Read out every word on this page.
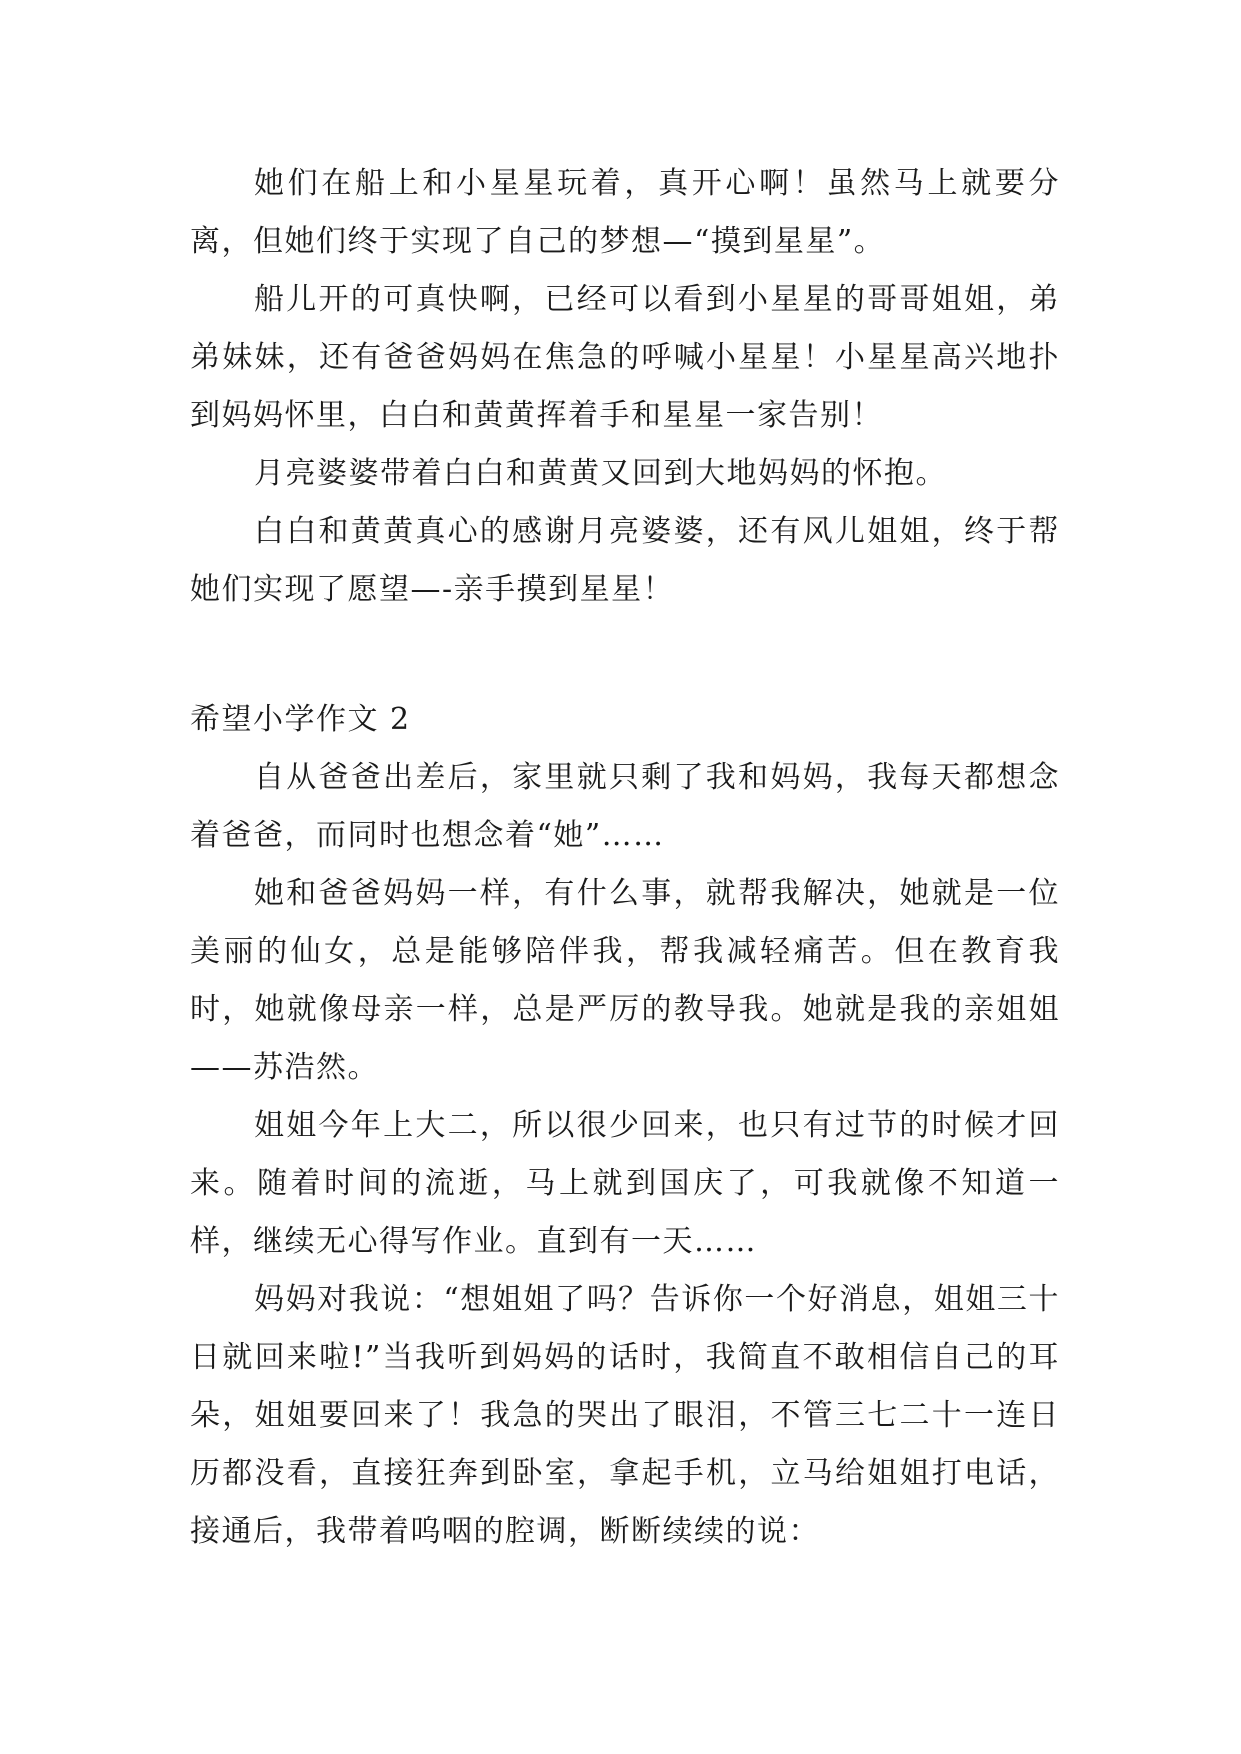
她们在船上和小星星玩着，真开心啊！虽然马上就要分离，但她们终于实现了自己的梦想—“摸到星星”。

船儿开的可真快啊，已经可以看到小星星的哥哥姐姐，弟弟妹妹，还有爸爸妈妈在焦急的呼喊小星星！小星星高兴地扑到妈妈怀里，白白和黄黄挥着手和星星一家告别！

月亮婆婆带着白白和黄黄又回到大地妈妈的怀抱。

白白和黄黄真心的感谢月亮婆婆，还有风儿姐姐，终于帮她们实现了愿望—-亲手摸到星星！

希望小学作文 2

自从爸爸出差后，家里就只剩了我和妈妈，我每天都想念着爸爸，而同时也想念着“她”……

她和爸爸妈妈一样，有什么事，就帮我解决，她就是一位美丽的仙女，总是能够陪伴我，帮我减轻痛苦。但在教育我时，她就像母亲一样，总是严厉的教导我。她就是我的亲姐姐——苏浩然。

姐姐今年上大二，所以很少回来，也只有过节的时候才回来。随着时间的流逝，马上就到国庆了，可我就像不知道一样，继续无心得写作业。直到有一天……

妈妈对我说：“想姐姐了吗？告诉你一个好消息，姐姐三十日就回来啦!”当我听到妈妈的话时，我简直不敢相信自己的耳朵，姐姐要回来了！我急的哭出了眼泪，不管三七二十一连日历都没看，直接狂奔到卧室，拿起手机，立马给姐姐打电话，接通后，我带着呜咽的腔调，断断续续的说：
